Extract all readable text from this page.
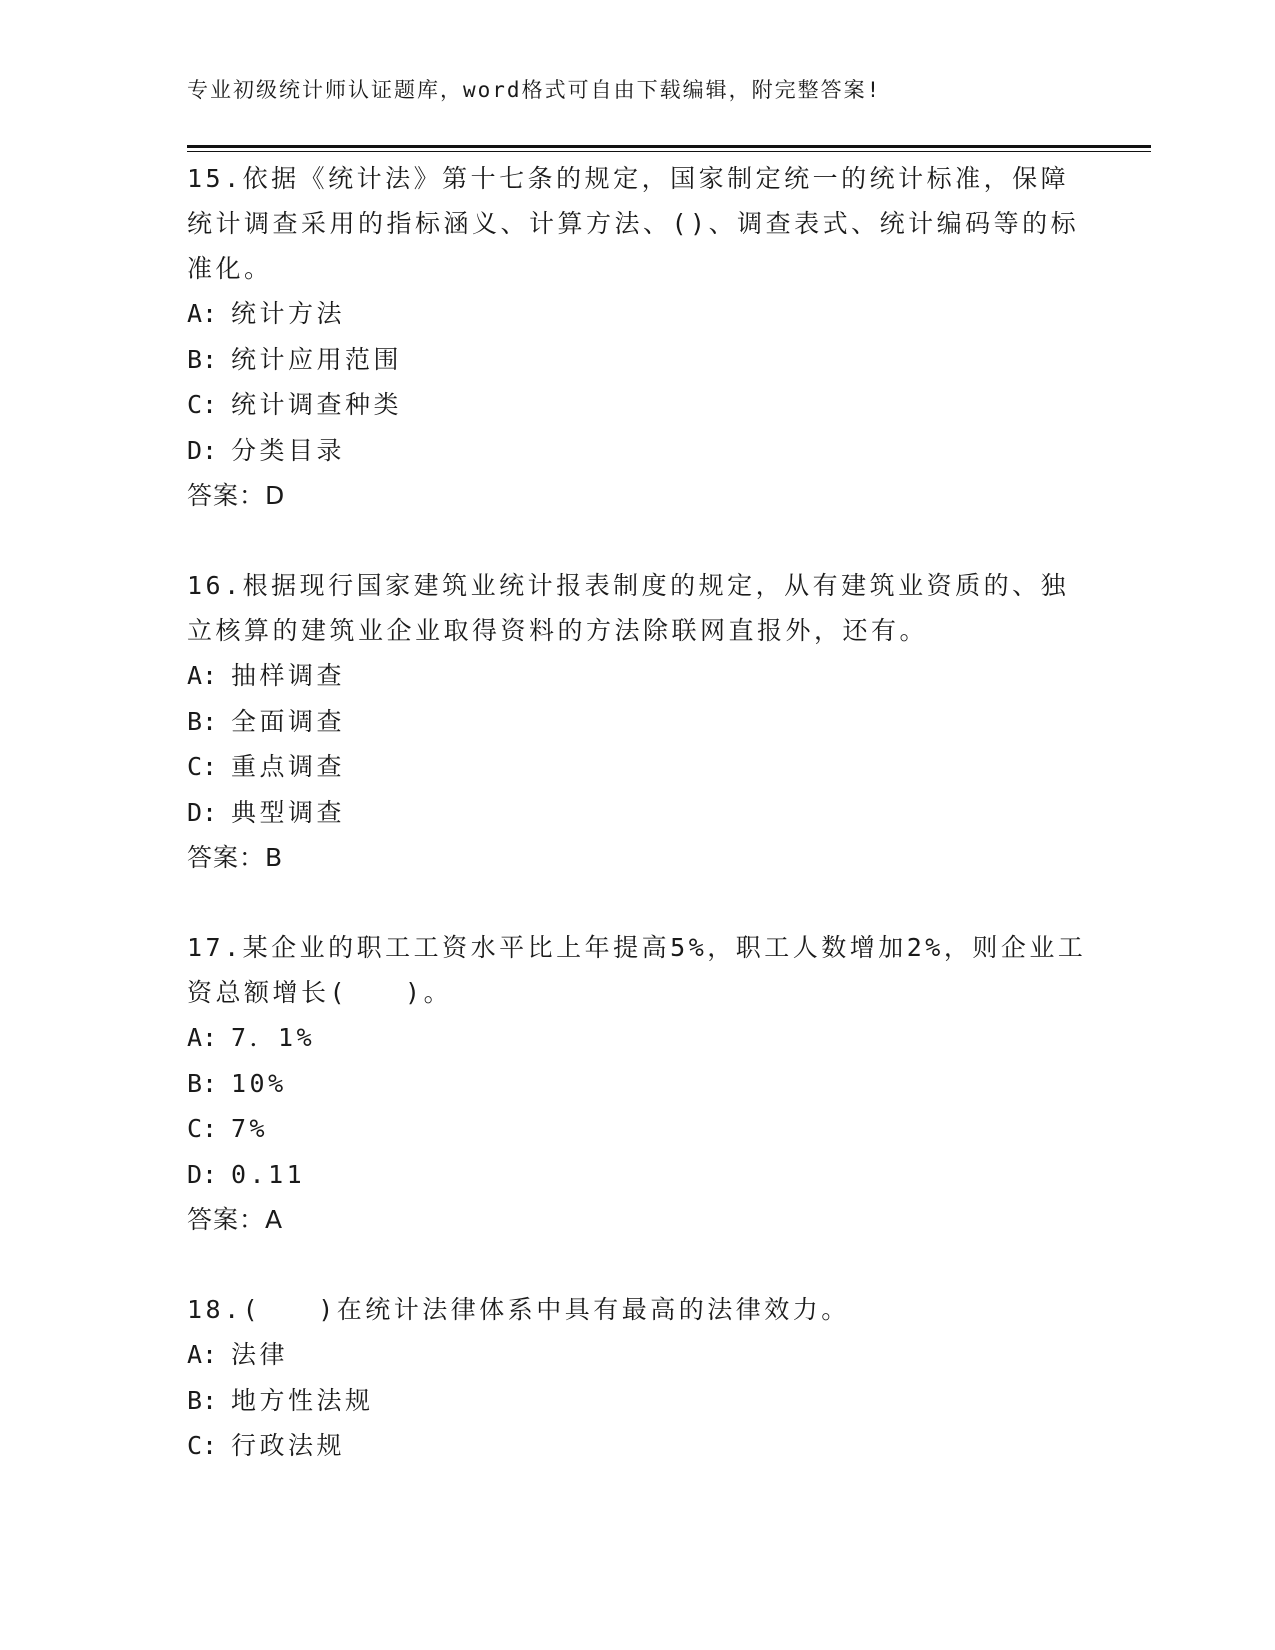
专业初级统计师认证题库，word格式可自由下载编辑，附完整答案!

15.依据《统计法》第十七条的规定，国家制定统一的统计标准，保障统计调查采用的指标涵义、计算方法、()、调查表式、统计编码等的标准化。

A: 统计方法

B: 统计应用范围

C: 统计调查种类

D: 分类目录

答案：D

16.根据现行国家建筑业统计报表制度的规定，从有建筑业资质的、独立核算的建筑业企业取得资料的方法除联网直报外，还有。

A: 抽样调查

B: 全面调查

C: 重点调查

D: 典型调查

答案：B

17.某企业的职工工资水平比上年提高5%，职工人数增加2%，则企业工资总额增长(　　)。

A: 7．1%

B: 10%

C: 7%

D: 0.11

答案：A

18.(　　)在统计法律体系中具有最高的法律效力。

A: 法律

B: 地方性法规

C: 行政法规
